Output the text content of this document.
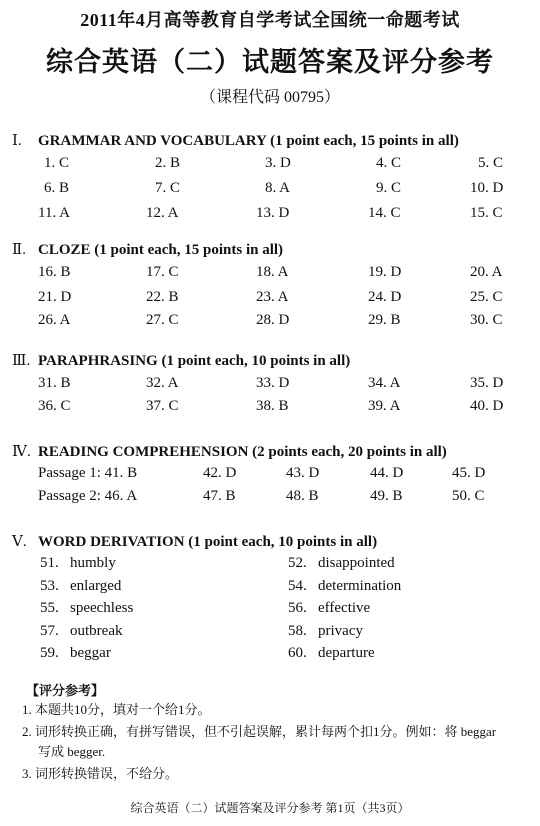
2011年4月高等教育自学考试全国统一命题考试
综合英语（二）试题答案及评分参考
（课程代码 00795）
Ⅰ. GRAMMAR AND VOCABULARY (1 point each, 15 points in all)
1. C	2. B	3. D	4. C	5. C
6. B	7. C	8. A	9. C	10. D
11. A	12. A	13. D	14. C	15. C
Ⅱ. CLOZE (1 point each, 15 points in all)
16. B	17. C	18. A	19. D	20. A
21. D	22. B	23. A	24. D	25. C
26. A	27. C	28. D	29. B	30. C
Ⅲ. PARAPHRASING (1 point each, 10 points in all)
31. B	32. A	33. D	34. A	35. D
36. C	37. C	38. B	39. A	40. D
Ⅳ. READING COMPREHENSION (2 points each, 20 points in all)
Passage 1: 41. B	42. D	43. D	44. D	45. D
Passage 2: 46. A	47. B	48. B	49. B	50. C
Ⅴ. WORD DERIVATION (1 point each, 10 points in all)
51.   humbly	52.   disappointed
53.   enlarged	54.   determination
55.   speechless	56.   effective
57.   outbreak	58.   privacy
59.   beggar	60.   departure
【评分参考】
1. 本题共10分，填对一个给1分。
2. 词形转换正确，有拼写错误，但不引起误解，累计每两个扣1分。例如：将 beggar
写成 begger.
3. 词形转换错误，不给分。
综合英语（二）试题答案及评分参考 第1页（共3页）
